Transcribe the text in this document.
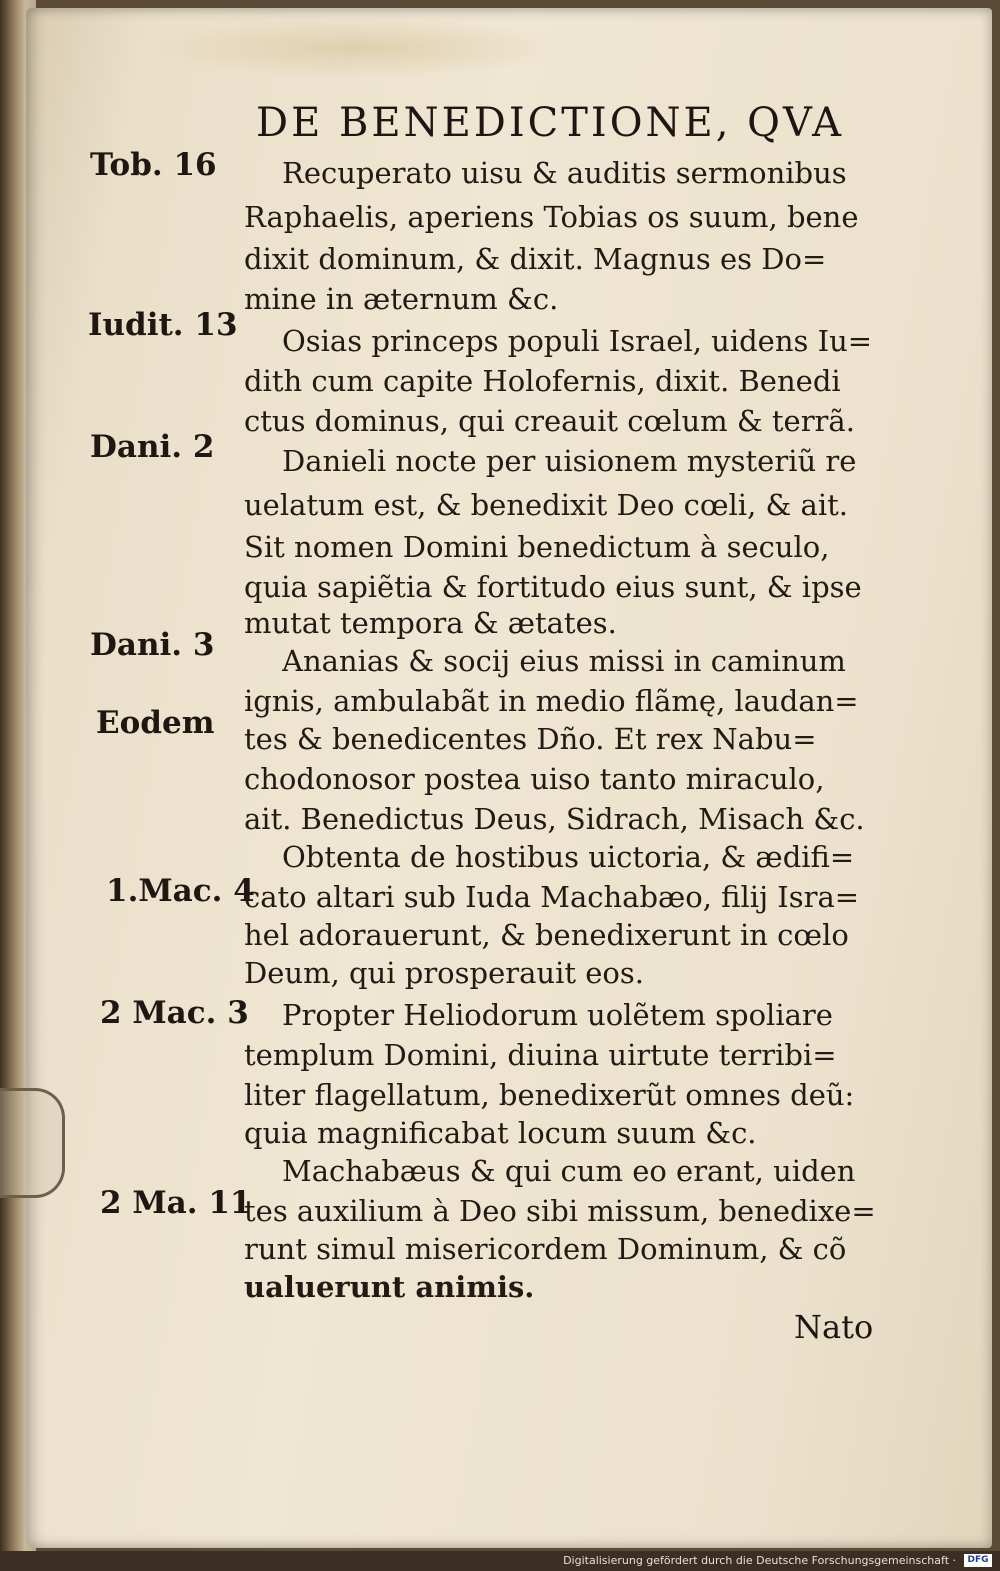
DE BENEDICTIONE, QVA
Tob. 16
Iudit. 13
Dani. 2
Dani. 3
Eodem
1.Mac. 4
2 Mac. 3
2 Ma. 11
Recuperato uisu & auditis sermonibus
Raphaelis, aperiens Tobias os suum, bene
dixit dominum, & dixit. Magnus es Do=
mine in æternum &c.
Osias princeps populi Israel, uidens Iu=
dith cum capite Holofernis, dixit. Benedi
ctus dominus, qui creauit cœlum & terrã.
Danieli nocte per uisionem mysteriũ re
uelatum est, & benedixit Deo cœli, & ait.
Sit nomen Domini benedictum à seculo,
quia sapiẽtia & fortitudo eius sunt, & ipse
mutat tempora & ætates.
Ananias & socij eius missi in caminum
ignis, ambulabãt in medio flãmę, laudan=
tes & benedicentes Dño. Et rex Nabu=
chodonosor postea uiso tanto miraculo,
ait. Benedictus Deus, Sidrach, Misach &c.
Obtenta de hostibus uictoria, & ædifi=
cato altari sub Iuda Machabæo, filij Isra=
hel adorauerunt, & benedixerunt in cœlo
Deum, qui prosperauit eos.
Propter Heliodorum uolẽtem spoliare
templum Domini, diuina uirtute terribi=
liter flagellatum, benedixerũt omnes deũ:
quia magnificabat locum suum &c.
Machabæus & qui cum eo erant, uiden
tes auxilium à Deo sibi missum, benedixe=
runt simul misericordem Dominum, & cõ
ualuerunt animis.
Nato
Digitalisierung gefördert durch die Deutsche Forschungsgemeinschaft ·	DFG
